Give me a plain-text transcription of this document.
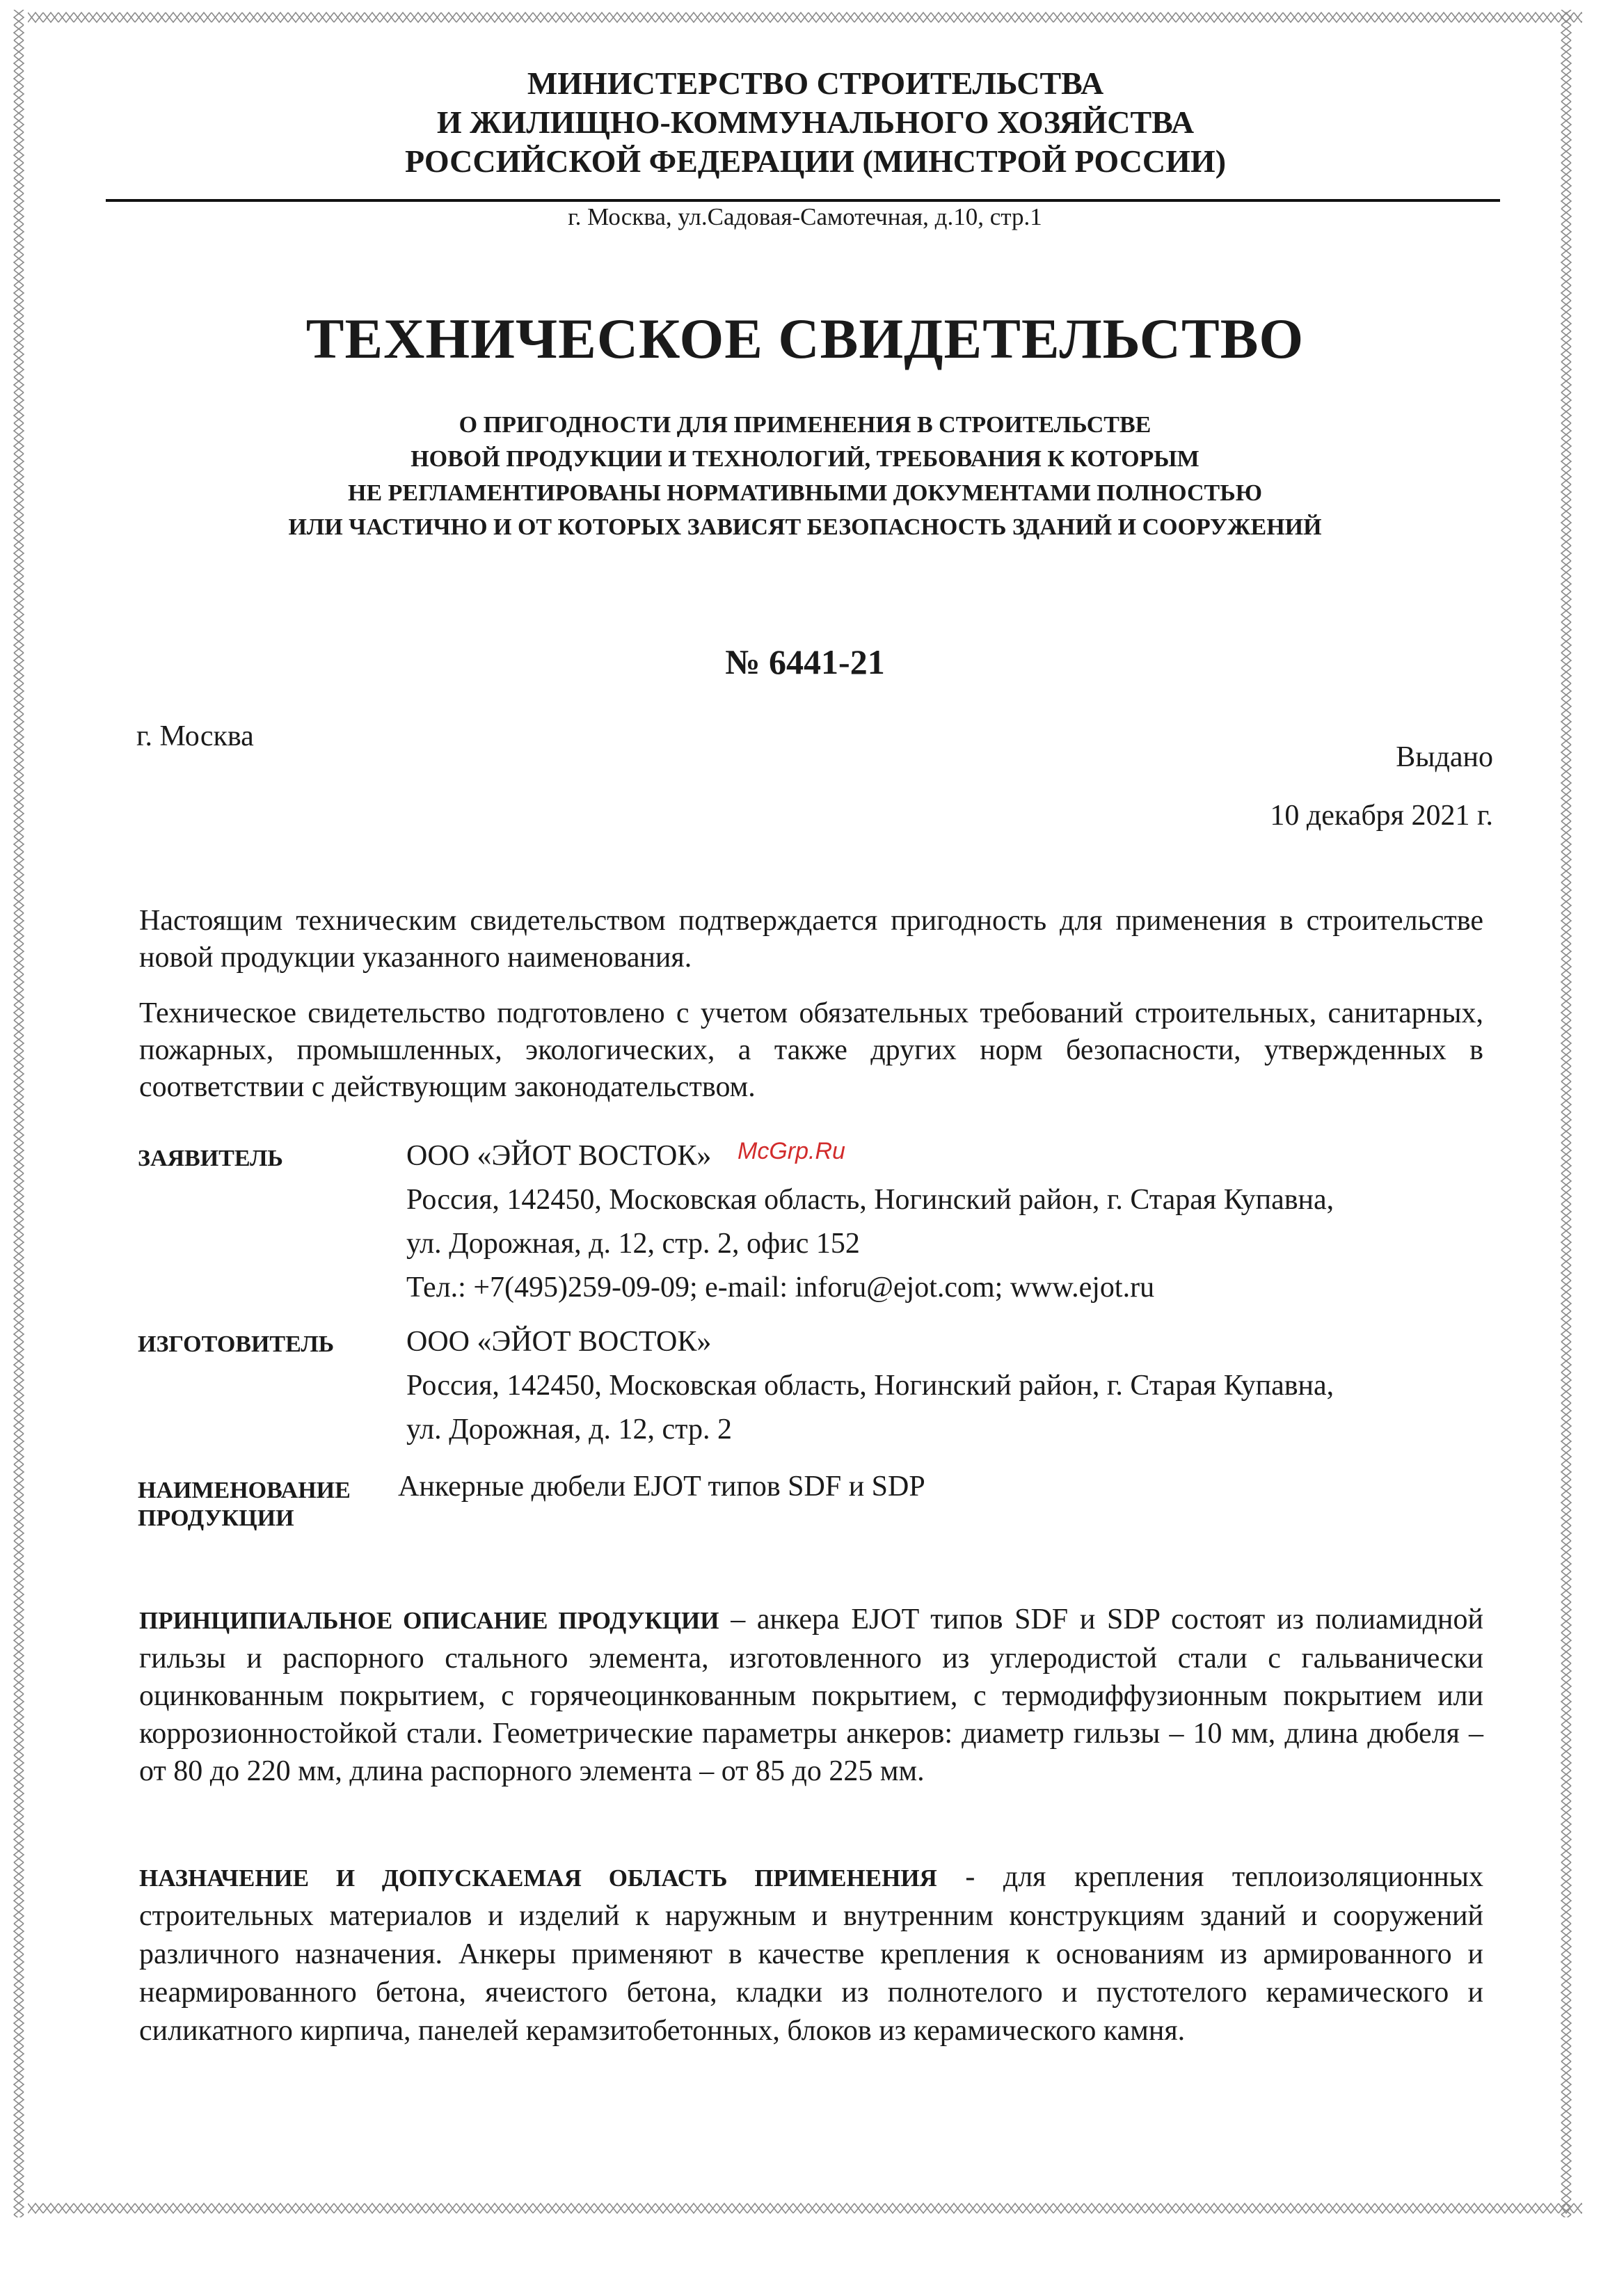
МИНИСТЕРСТВО СТРОИТЕЛЬСТВА
И ЖИЛИЩНО-КОММУНАЛЬНОГО ХОЗЯЙСТВА
РОССИЙСКОЙ ФЕДЕРАЦИИ (МИНСТРОЙ РОССИИ)
г. Москва, ул.Садовая-Самотечная, д.10, стр.1
ТЕХНИЧЕСКОЕ СВИДЕТЕЛЬСТВО
О ПРИГОДНОСТИ ДЛЯ ПРИМЕНЕНИЯ В СТРОИТЕЛЬСТВЕ
НОВОЙ ПРОДУКЦИИ И ТЕХНОЛОГИЙ, ТРЕБОВАНИЯ К КОТОРЫМ
НЕ РЕГЛАМЕНТИРОВАНЫ НОРМАТИВНЫМИ ДОКУМЕНТАМИ ПОЛНОСТЬЮ
ИЛИ ЧАСТИЧНО И ОТ КОТОРЫХ ЗАВИСЯТ БЕЗОПАСНОСТЬ ЗДАНИЙ И СООРУЖЕНИЙ
№ 6441-21
г. Москва
Выдано
10 декабря 2021 г.
Настоящим техническим свидетельством подтверждается пригодность для применения в строительстве новой продукции указанного наименования.
Техническое свидетельство подготовлено с учетом обязательных требований строительных, санитарных, пожарных, промышленных, экологических, а также других норм безопасности, утвержденных в соответствии с действующим законодательством.
ЗАЯВИТЕЛЬ	ООО «ЭЙОТ ВОСТОК»
Россия, 142450, Московская область, Ногинский район, г. Старая Купавна,
ул. Дорожная, д. 12, стр. 2, офис 152
Тел.: +7(495)259-09-09; e-mail: inforu@ejot.com; www.ejot.ru
McGrp.Ru
ИЗГОТОВИТЕЛЬ ООО «ЭЙОТ ВОСТОК»
Россия, 142450, Московская область, Ногинский район, г. Старая Купавна,
ул. Дорожная, д. 12, стр. 2
НАИМЕНОВАНИЕ
ПРОДУКЦИИ
Анкерные дюбели EJOT типов SDF и SDP
ПРИНЦИПИАЛЬНОЕ ОПИСАНИЕ ПРОДУКЦИИ – анкера EJOT типов SDF и SDP состоят из полиамидной гильзы и распорного стального элемента, изготовленного из углеродистой стали с гальванически оцинкованным покрытием, с горячеоцинкованным покрытием, с термодиффузионным покрытием или коррозионностойкой стали. Геометрические параметры анкеров: диаметр гильзы – 10 мм, длина дюбеля – от 80 до 220 мм, длина распорного элемента – от 85 до 225 мм.
НАЗНАЧЕНИЕ И ДОПУСКАЕМАЯ ОБЛАСТЬ ПРИМЕНЕНИЯ - для крепления теплоизоляционных строительных материалов и изделий к наружным и внутренним конструкциям зданий и сооружений различного назначения. Анкеры применяют в качестве крепления к основаниям из армированного и неармированного бетона, ячеистого бетона, кладки из полнотелого и пустотелого керамического и силикатного кирпича, панелей керамзитобетонных, блоков из керамического камня.
